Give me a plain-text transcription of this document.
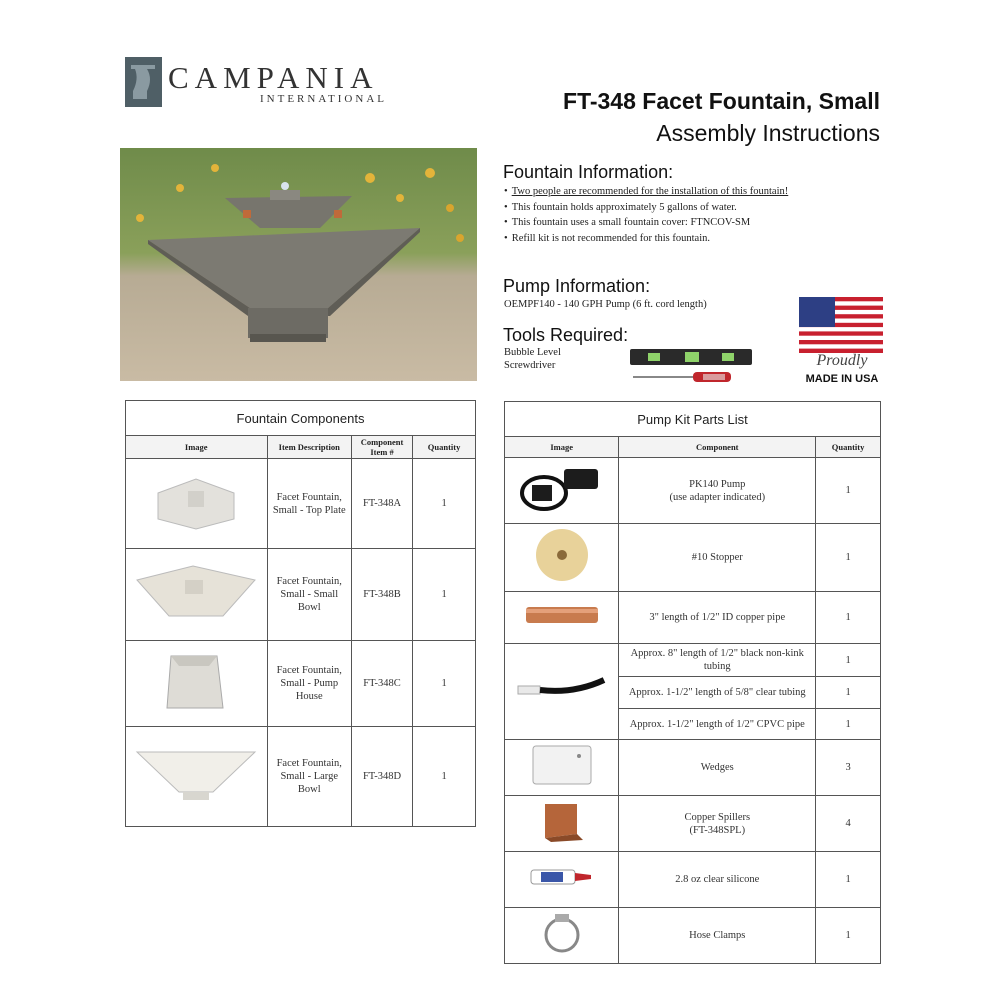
CAMPANIA
INTERNATIONAL	FT-348 Facet Fountain, Small
Assembly Instructions
Fountain Information:
• Two people are recommended for the installation of this fountain!
• This fountain holds approximately 5 gallons of water.
• This fountain uses a small fountain cover: FTNCOV-SM
• Refill kit is not recommended for this fountain.
Pump Information:
OEMPF140 - 140 GPH Pump (6 ft. cord length)
Tools Required:
Bubble Level
Screwdriver	Proudly
MADE IN USA
Fountain Components			
Image	Item Description	Component Item #	Quantity
	Facet Fountain, Small - Top Plate	FT-348A	1
	Facet Fountain, Small - Small Bowl	FT-348B	1
	Facet Fountain, Small - Pump House	FT-348C	1
	Facet Fountain, Small - Large Bowl	FT-348D	1
Pump Kit Parts List		
Image	Component	Quantity

PK140 Pump
(use adapter indicated)	1
	#10 Stopper	1
	3" length of 1/2" ID copper pipe	1
	Approx. 8" length of 1/2" black non-kink tubing	1
	Approx. 1-1/2" length of 5/8" clear tubing	1
	Approx. 1-1/2" length of 1/2" CPVC pipe	1
	Wedges	3

Copper Spillers
(FT-348SPL)	4
	2.8 oz clear silicone	1
	Hose Clamps	1
